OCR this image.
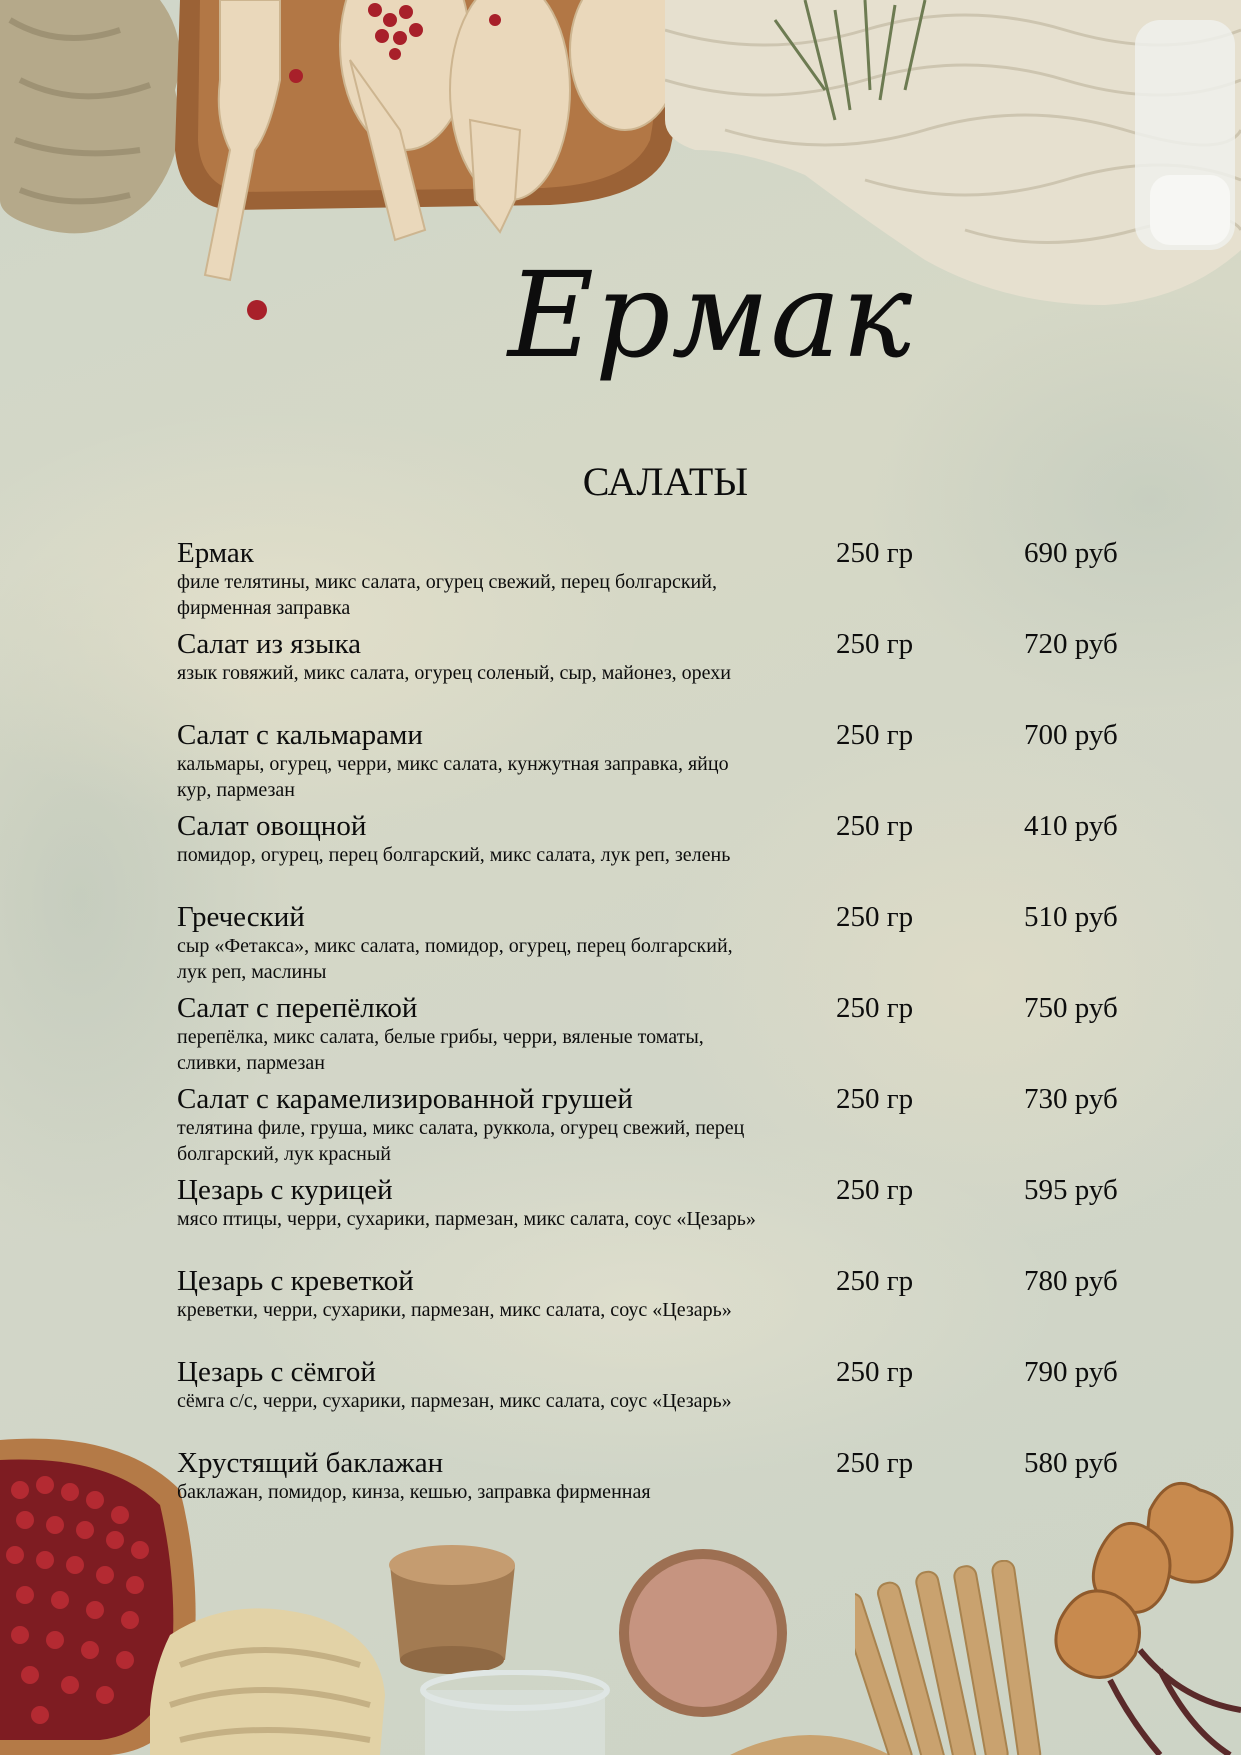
Ермак
САЛАТЫ
Ермак	250 гр	690 руб
филе телятины, микс салата, огурец свежий, перец болгарский, фирменная заправка
Салат из языка	250 гр	720 руб
язык говяжий, микс салата, огурец соленый, сыр, майонез, орехи
Салат с кальмарами	250 гр	700 руб
кальмары, огурец, черри, микс салата, кунжутная заправка, яйцо кур, пармезан
Салат овощной	250 гр	410 руб
помидор, огурец, перец болгарский, микс салата, лук реп, зелень
Греческий	250 гр	510 руб
сыр «Фетакса», микс салата, помидор, огурец, перец болгарский, лук реп, маслины
Салат с перепёлкой	250 гр	750 руб
перепёлка, микс салата, белые грибы, черри, вяленые томаты, сливки, пармезан
Салат с карамелизированной грушей	250 гр	730 руб
телятина филе, груша, микс салата, руккола, огурец свежий, перец болгарский, лук красный
Цезарь с курицей	250 гр	595 руб
мясо птицы, черри, сухарики, пармезан, микс салата, соус «Цезарь»
Цезарь с креветкой	250 гр	780 руб
креветки, черри, сухарики, пармезан, микс салата, соус «Цезарь»
Цезарь с сёмгой	250 гр	790 руб
сёмга с/с, черри, сухарики, пармезан, микс салата, соус «Цезарь»
Хрустящий баклажан	250 гр	580 руб
баклажан, помидор, кинза, кешью, заправка фирменная
